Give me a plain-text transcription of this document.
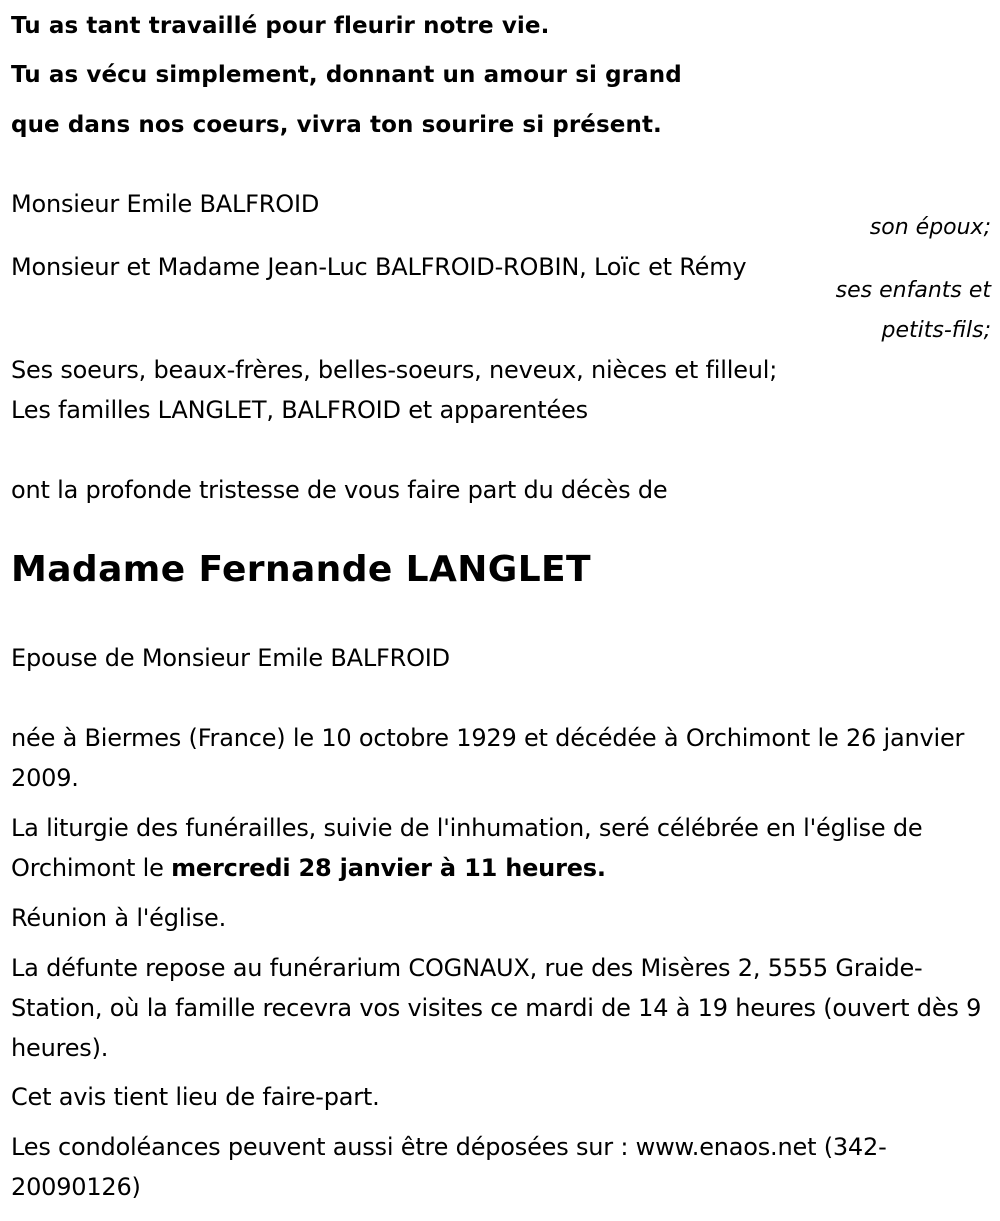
Tu as tant travaillé pour fleurir notre vie.
Tu as vécu simplement, donnant un amour si grand
que dans nos coeurs, vivra ton sourire si présent.
Monsieur Emile BALFROID
son époux;
Monsieur et Madame Jean-Luc BALFROID-ROBIN, Loïc et Rémy
ses enfants et
petits-fils;
Ses soeurs, beaux-frères, belles-soeurs, neveux, nièces et filleul;
Les familles LANGLET, BALFROID et apparentées
ont la profonde tristesse de vous faire part du décès de
Madame Fernande LANGLET
Epouse de Monsieur Emile BALFROID
née à Biermes (France) le 10 octobre 1929 et décédée à Orchimont le 26 janvier 2009.
La liturgie des funérailles, suivie de l'inhumation, seré célébrée en l'église de Orchimont le mercredi 28 janvier à 11 heures.
Réunion à l'église.
La défunte repose au funérarium COGNAUX, rue des Misères 2, 5555 Graide-Station, où la famille recevra vos visites ce mardi de 14 à 19 heures (ouvert dès 9 heures).
Cet avis tient lieu de faire-part.
Les condoléances peuvent aussi être déposées sur : www.enaos.net (342-20090126)
